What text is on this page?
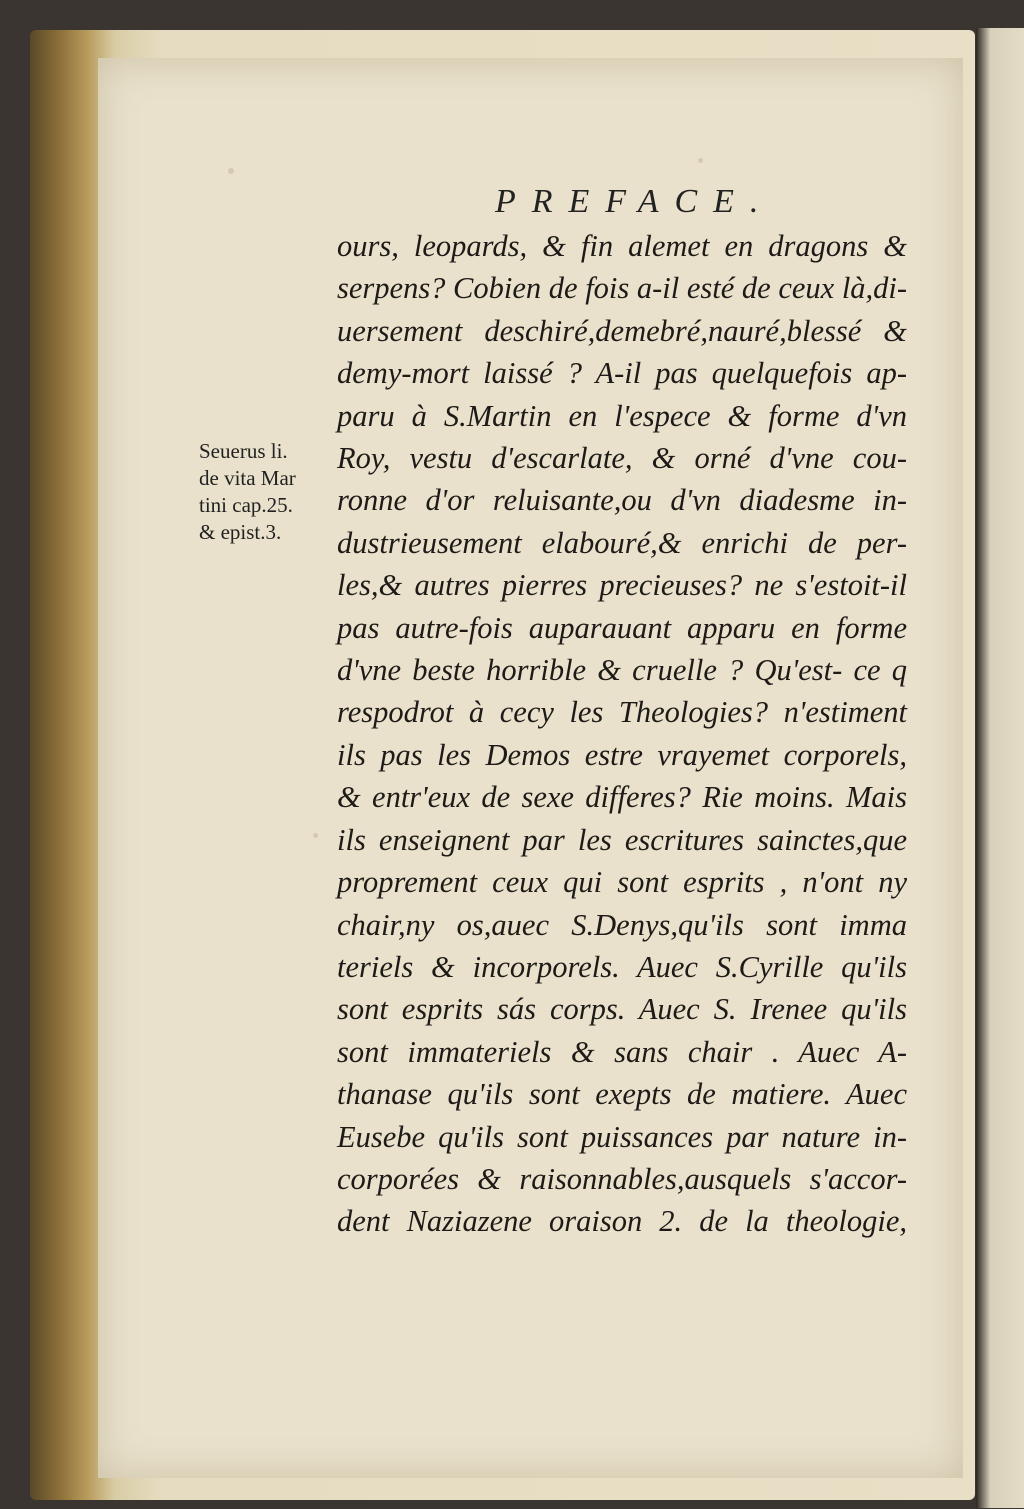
PREFACE.
Seuerus li.
de vita Mar
tini cap.25.
& epist.3.
ours, leopards, & fin alemet en dragons &
serpens? Cobien de fois a-il esté de ceux là,di-
uersement deschiré,demebré,nauré,blessé &
demy-mort laissé ? A-il pas quelquefois ap-
paru à S.Martin en l'espece & forme d'vn
Roy, vestu d'escarlate, & orné d'vne cou-
ronne d'or reluisante,ou d'vn diadesme in-
dustrieusement elabouré,& enrichi de per-
les,& autres pierres precieuses? ne s'estoit-il
pas autre-fois auparauant apparu en forme
d'vne beste horrible & cruelle ? Qu'est- ce q
respodrot à cecy les Theologies? n'estiment
ils pas les Demos estre vrayemet corporels,
& entr'eux de sexe differes? Rie moins. Mais
ils enseignent par les escritures sainctes,que
proprement ceux qui sont esprits , n'ont ny
chair,ny os,auec S.Denys,qu'ils sont imma
teriels & incorporels. Auec S.Cyrille qu'ils
sont esprits sás corps. Auec S. Irenee qu'ils
sont immateriels & sans chair . Auec A-
thanase qu'ils sont exepts de matiere. Auec
Eusebe qu'ils sont puissances par nature in-
corporées & raisonnables,ausquels s'accor-
dent Naziazene oraison 2. de la theologie,
